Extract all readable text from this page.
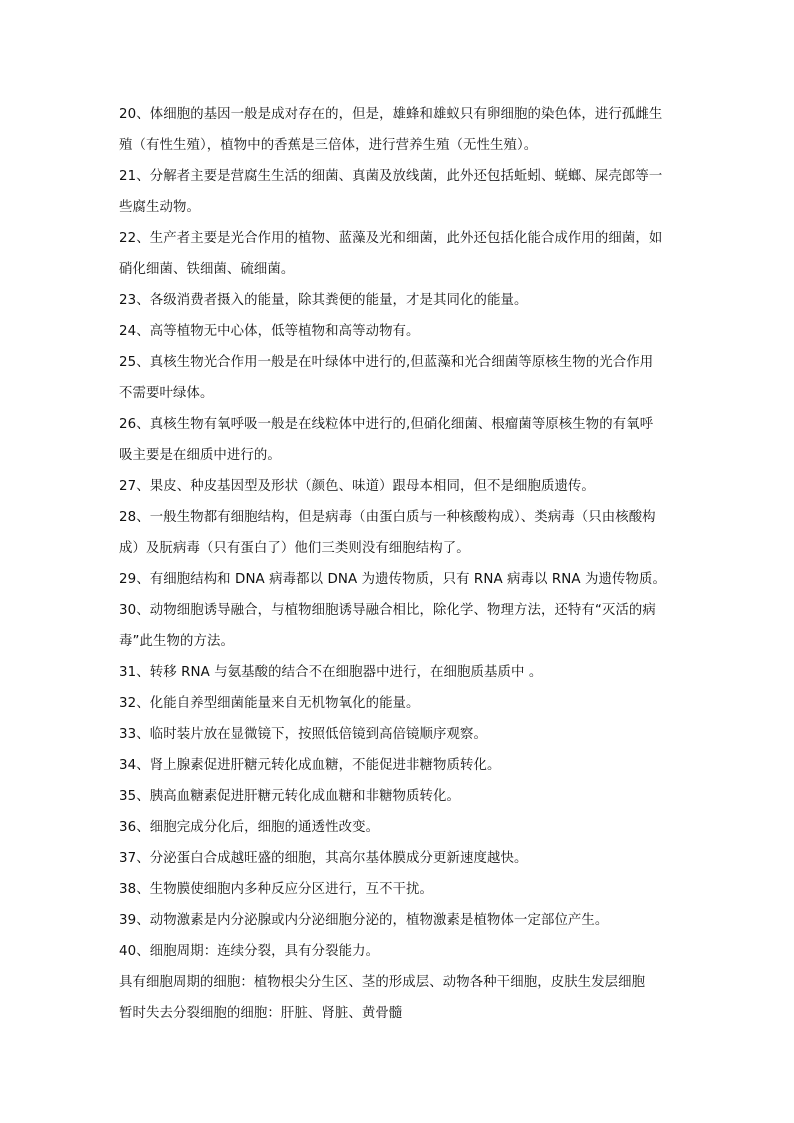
20、体细胞的基因一般是成对存在的，但是，雄蜂和雄蚁只有卵细胞的染色体，进行孤雌生
殖（有性生殖），植物中的香蕉是三倍体，进行营养生殖（无性生殖）。
21、分解者主要是营腐生生活的细菌、真菌及放线菌，此外还包括蚯蚓、蜣螂、屎壳郎等一
些腐生动物。
22、生产者主要是光合作用的植物、蓝藻及光和细菌，此外还包括化能合成作用的细菌，如
硝化细菌、铁细菌、硫细菌。
23、各级消费者摄入的能量，除其粪便的能量，才是其同化的能量。
24、高等植物无中心体，低等植物和高等动物有。
25、真核生物光合作用一般是在叶绿体中进行的,但蓝藻和光合细菌等原核生物的光合作用
不需要叶绿体。
26、真核生物有氧呼吸一般是在线粒体中进行的,但硝化细菌、根瘤菌等原核生物的有氧呼
吸主要是在细质中进行的。
27、果皮、种皮基因型及形状（颜色、味道）跟母本相同，但不是细胞质遗传。
28、一般生物都有细胞结构，但是病毒（由蛋白质与一种核酸构成）、类病毒（只由核酸构
成）及朊病毒（只有蛋白了）他们三类则没有细胞结构了。
29、有细胞结构和 DNA 病毒都以 DNA 为遗传物质，只有 RNA 病毒以 RNA 为遗传物质。
30、动物细胞诱导融合，与植物细胞诱导融合相比，除化学、物理方法，还特有“灭活的病
毒”此生物的方法。
31、转移 RNA 与氨基酸的结合不在细胞器中进行，在细胞质基质中 。
32、化能自养型细菌能量来自无机物氧化的能量。
33、临时装片放在显微镜下，按照低倍镜到高倍镜顺序观察。
34、肾上腺素促进肝糖元转化成血糖，不能促进非糖物质转化。
35、胰高血糖素促进肝糖元转化成血糖和非糖物质转化。
36、细胞完成分化后，细胞的通透性改变。
37、分泌蛋白合成越旺盛的细胞，其高尔基体膜成分更新速度越快。
38、生物膜使细胞内多种反应分区进行，互不干扰。
39、动物激素是内分泌腺或内分泌细胞分泌的，植物激素是植物体一定部位产生。
40、细胞周期：连续分裂，具有分裂能力。
具有细胞周期的细胞：植物根尖分生区、茎的形成层、动物各种干细胞，皮肤生发层细胞
暂时失去分裂细胞的细胞：肝脏、肾脏、黄骨髓
